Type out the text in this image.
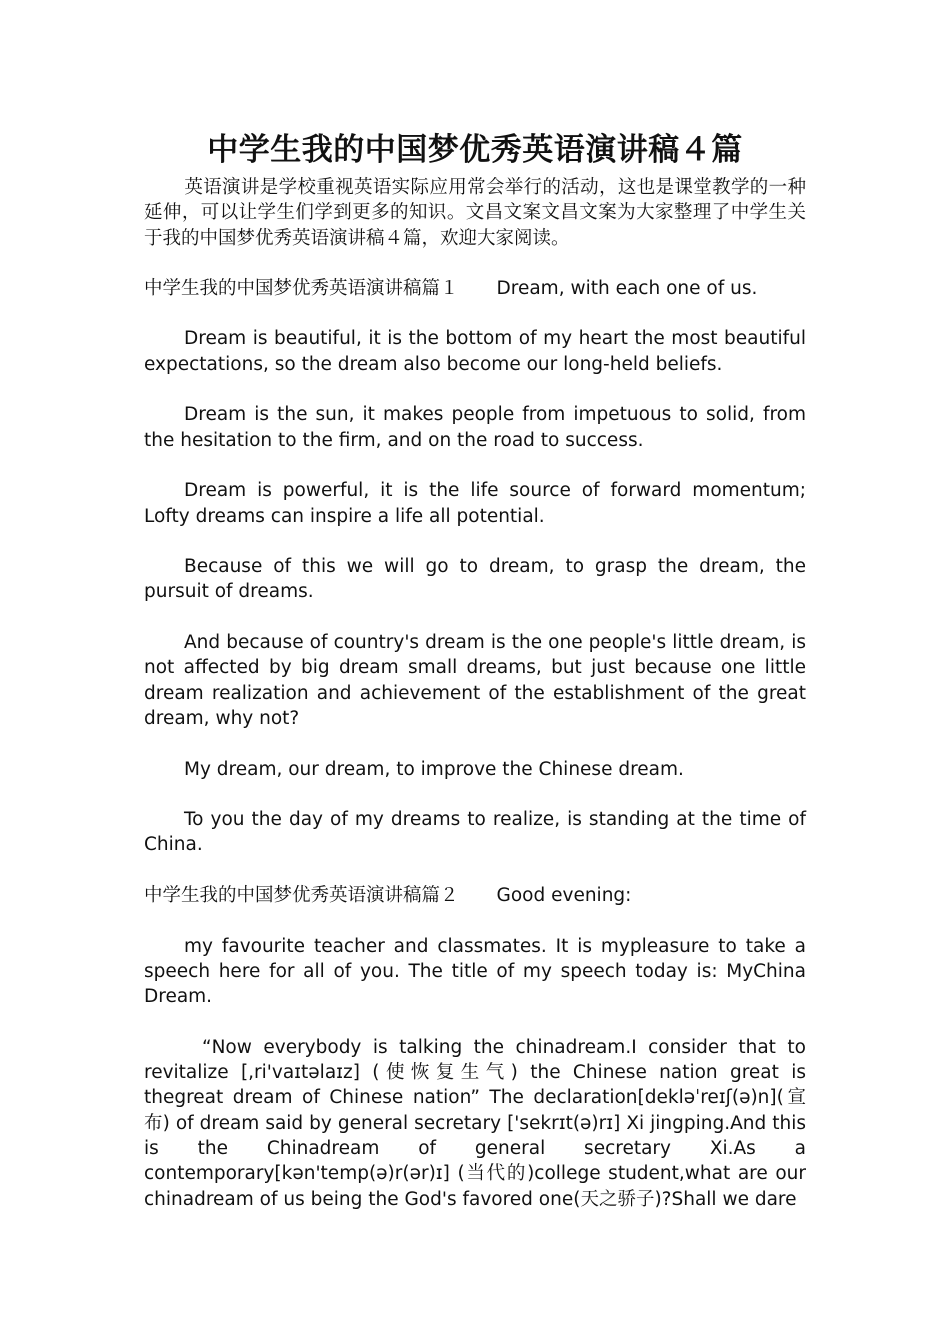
中学生我的中国梦优秀英语演讲稿４篇

英语演讲是学校重视英语实际应用常会举行的活动，这也是课堂教学的一种延伸，可以让学生们学到更多的知识。文昌文案文昌文案为大家整理了中学生关于我的中国梦优秀英语演讲稿４篇，欢迎大家阅读。

中学生我的中国梦优秀英语演讲稿篇１ Dream, with each one of us.

Dream is beautiful, it is the bottom of my heart the most beautiful expectations, so the dream also become our long-held beliefs.

Dream is the sun, it makes people from impetuous to solid, from the hesitation to the firm, and on the road to success.

Dream is powerful, it is the life source of forward momentum; Lofty dreams can inspire a life all potential.

Because of this we will go to dream, to grasp the dream, the pursuit of dreams.

And because of country's dream is the one people's little dream, is not affected by big dream small dreams, but just because one little dream realization and achievement of the establishment of the great dream, why not?

My dream, our dream, to improve the Chinese dream.

To you the day of my dreams to realize, is standing at the time of China.

中学生我的中国梦优秀英语演讲稿篇２ Good evening:

my favourite teacher and classmates. It is mypleasure to take a speech here for all of you. The title of my speech today is: MyChina Dream.

“Now everybody is talking the chinadream.I consider that to revitalize [,ri'vaɪtəlaɪz] (使恢复生气) the Chinese nation great is thegreat dream of Chinese nation” The declaration[dekləˈreɪʃ(ə)n](宣布) of dream said by general secretary ['sekrɪt(ə)rɪ] Xi jingping.And this is the Chinadream of general secretary Xi.As a contemporary[kən'temp(ə)r(ər)ɪ] (当代的)college student,what are our chinadream of us being the God's favored one(天之骄子)?Shall we dare
